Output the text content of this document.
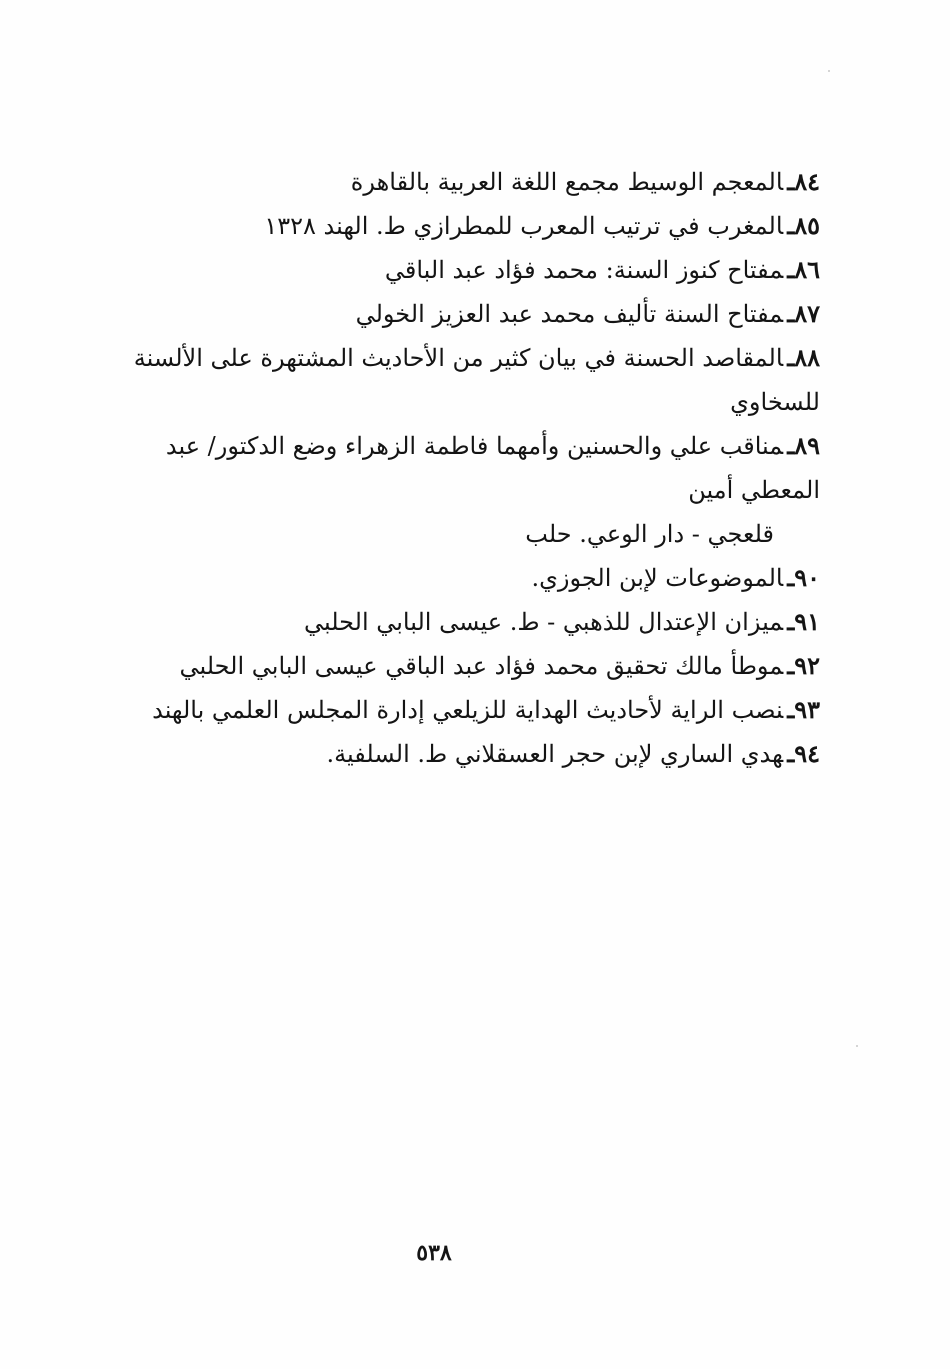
٨٤ـالمعجم الوسيط مجمع اللغة العربية بالقاهرة
٨٥ـالمغرب في ترتيب المعرب للمطرازي ط. الهند ١٣٢٨
٨٦ـمفتاح كنوز السنة: محمد فؤاد عبد الباقي
٨٧ـمفتاح السنة تأليف محمد عبد العزيز الخولي
٨٨ـالمقاصد الحسنة في بيان كثير من الأحاديث المشتهرة على الألسنة للسخاوي
٨٩ـمناقب علي والحسنين وأمهما فاطمة الزهراء وضع الدكتور/ عبد المعطي أمين
قلعجي - دار الوعي. حلب
٩٠ـالموضوعات لإبن الجوزي.
٩١ـميزان الإعتدال للذهبي - ط. عيسى البابي الحلبي
٩٢ـموطأ مالك تحقيق محمد فؤاد عبد الباقي عيسى البابي الحلبي
٩٣ـنصب الراية لأحاديث الهداية للزيلعي إدارة المجلس العلمي بالهند
٩٤ـهدي الساري لإبن حجر العسقلاني ط. السلفية.
٥٣٨
